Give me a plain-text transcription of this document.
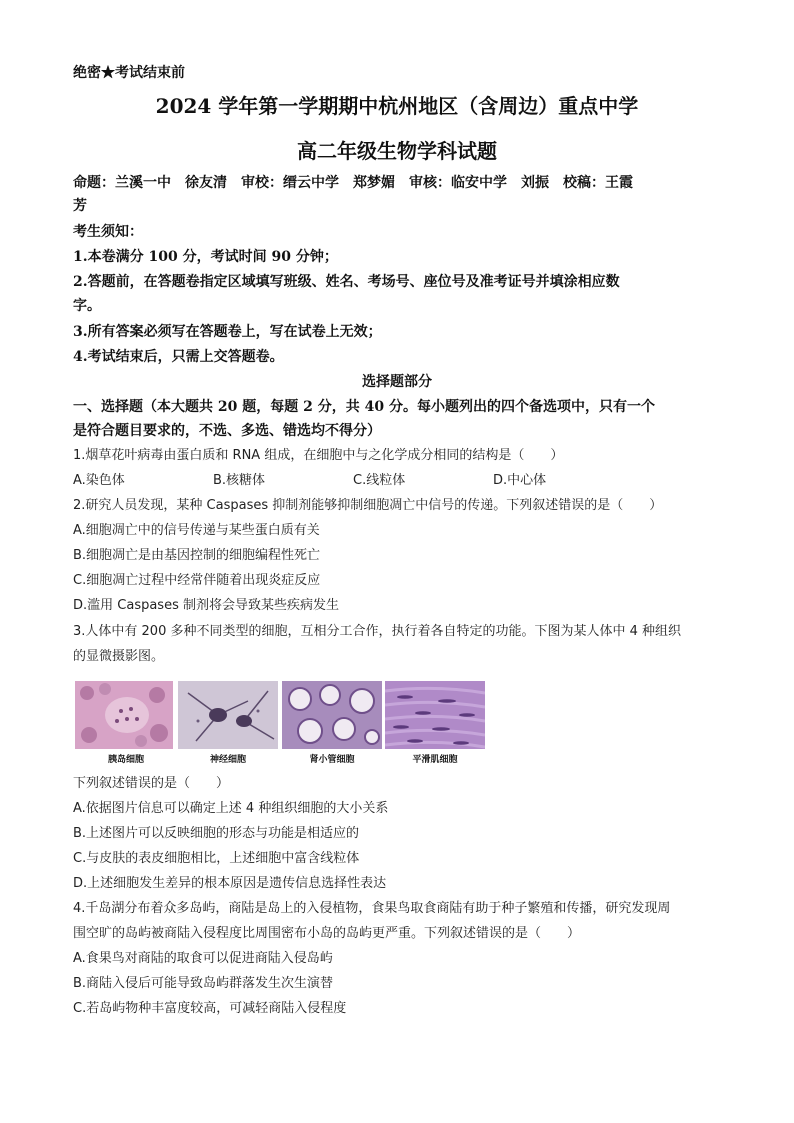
绝密★考试结束前
2024 学年第一学期期中杭州地区（含周边）重点中学
高二年级生物学科试题
命题：兰溪一中　徐友清　审校：缙云中学　郑梦媚　审核：临安中学　刘振　校稿：王霞
芳
考生须知：
1.本卷满分 100 分，考试时间 90 分钟；
2.答题前，在答题卷指定区域填写班级、姓名、考场号、座位号及准考证号并填涂相应数
字。
3.所有答案必须写在答题卷上，写在试卷上无效；
4.考试结束后，只需上交答题卷。
选择题部分
一、选择题（本大题共 20 题，每题 2 分，共 40 分。每小题列出的四个备选项中，只有一个
是符合题目要求的，不选、多选、错选均不得分）
1.烟草花叶病毒由蛋白质和 RNA 组成，在细胞中与之化学成分相同的结构是（　　）
A.染色体	B.核糖体	C.线粒体	D.中心体
2.研究人员发现，某种 Caspases 抑制剂能够抑制细胞凋亡中信号的传递。下列叙述错误的是（　　）
A.细胞凋亡中的信号传递与某些蛋白质有关
B.细胞凋亡是由基因控制的细胞编程性死亡
C.细胞凋亡过程中经常伴随着出现炎症反应
D.滥用 Caspases 制剂将会导致某些疾病发生
3.人体中有 200 多种不同类型的细胞，互相分工合作，执行着各自特定的功能。下图为某人体中 4 种组织
的显微摄影图。
胰岛细胞	神经细胞	肾小管细胞	平滑肌细胞
下列叙述错误的是（　　）
A.依据图片信息可以确定上述 4 种组织细胞的大小关系
B.上述图片可以反映细胞的形态与功能是相适应的
C.与皮肤的表皮细胞相比，上述细胞中富含线粒体
D.上述细胞发生差异的根本原因是遗传信息选择性表达
4.千岛湖分布着众多岛屿，商陆是岛上的入侵植物，食果鸟取食商陆有助于种子繁殖和传播，研究发现周
围空旷的岛屿被商陆入侵程度比周围密布小岛的岛屿更严重。下列叙述错误的是（　　）
A.食果鸟对商陆的取食可以促进商陆入侵岛屿
B.商陆入侵后可能导致岛屿群落发生次生演替
C.若岛屿物种丰富度较高，可减轻商陆入侵程度
